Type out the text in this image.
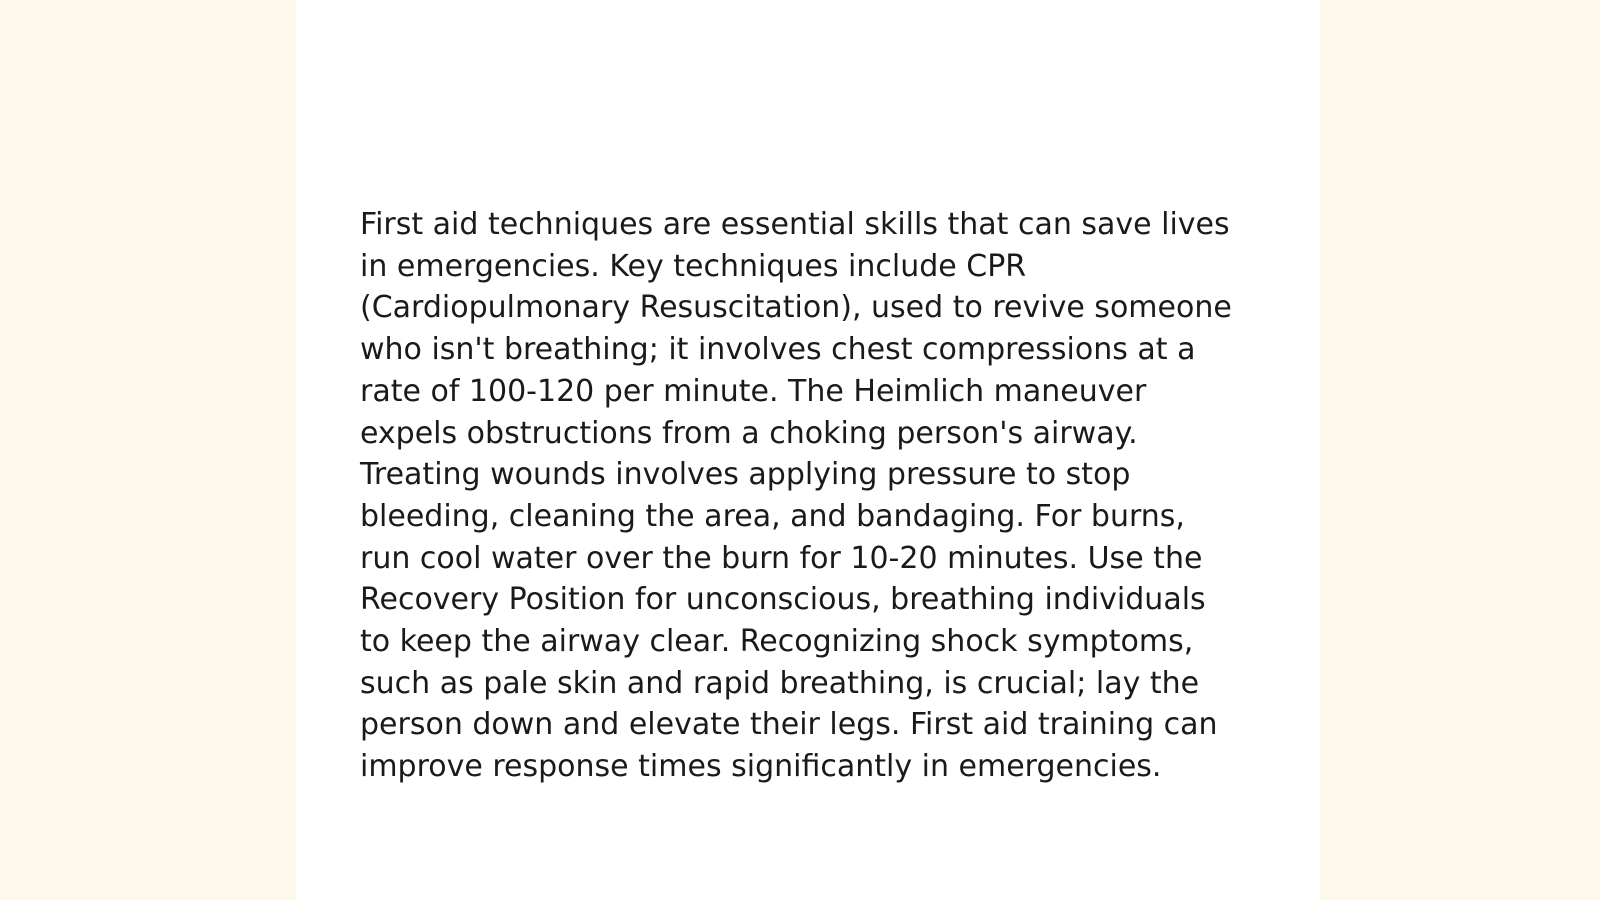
First aid techniques are essential skills that can save lives in emergencies. Key techniques include CPR (Cardiopulmonary Resuscitation), used to revive someone who isn't breathing; it involves chest compressions at a rate of 100-120 per minute. The Heimlich maneuver expels obstructions from a choking person's airway. Treating wounds involves applying pressure to stop bleeding, cleaning the area, and bandaging. For burns, run cool water over the burn for 10-20 minutes. Use the Recovery Position for unconscious, breathing individuals to keep the airway clear. Recognizing shock symptoms, such as pale skin and rapid breathing, is crucial; lay the person down and elevate their legs. First aid training can improve response times significantly in emergencies.
